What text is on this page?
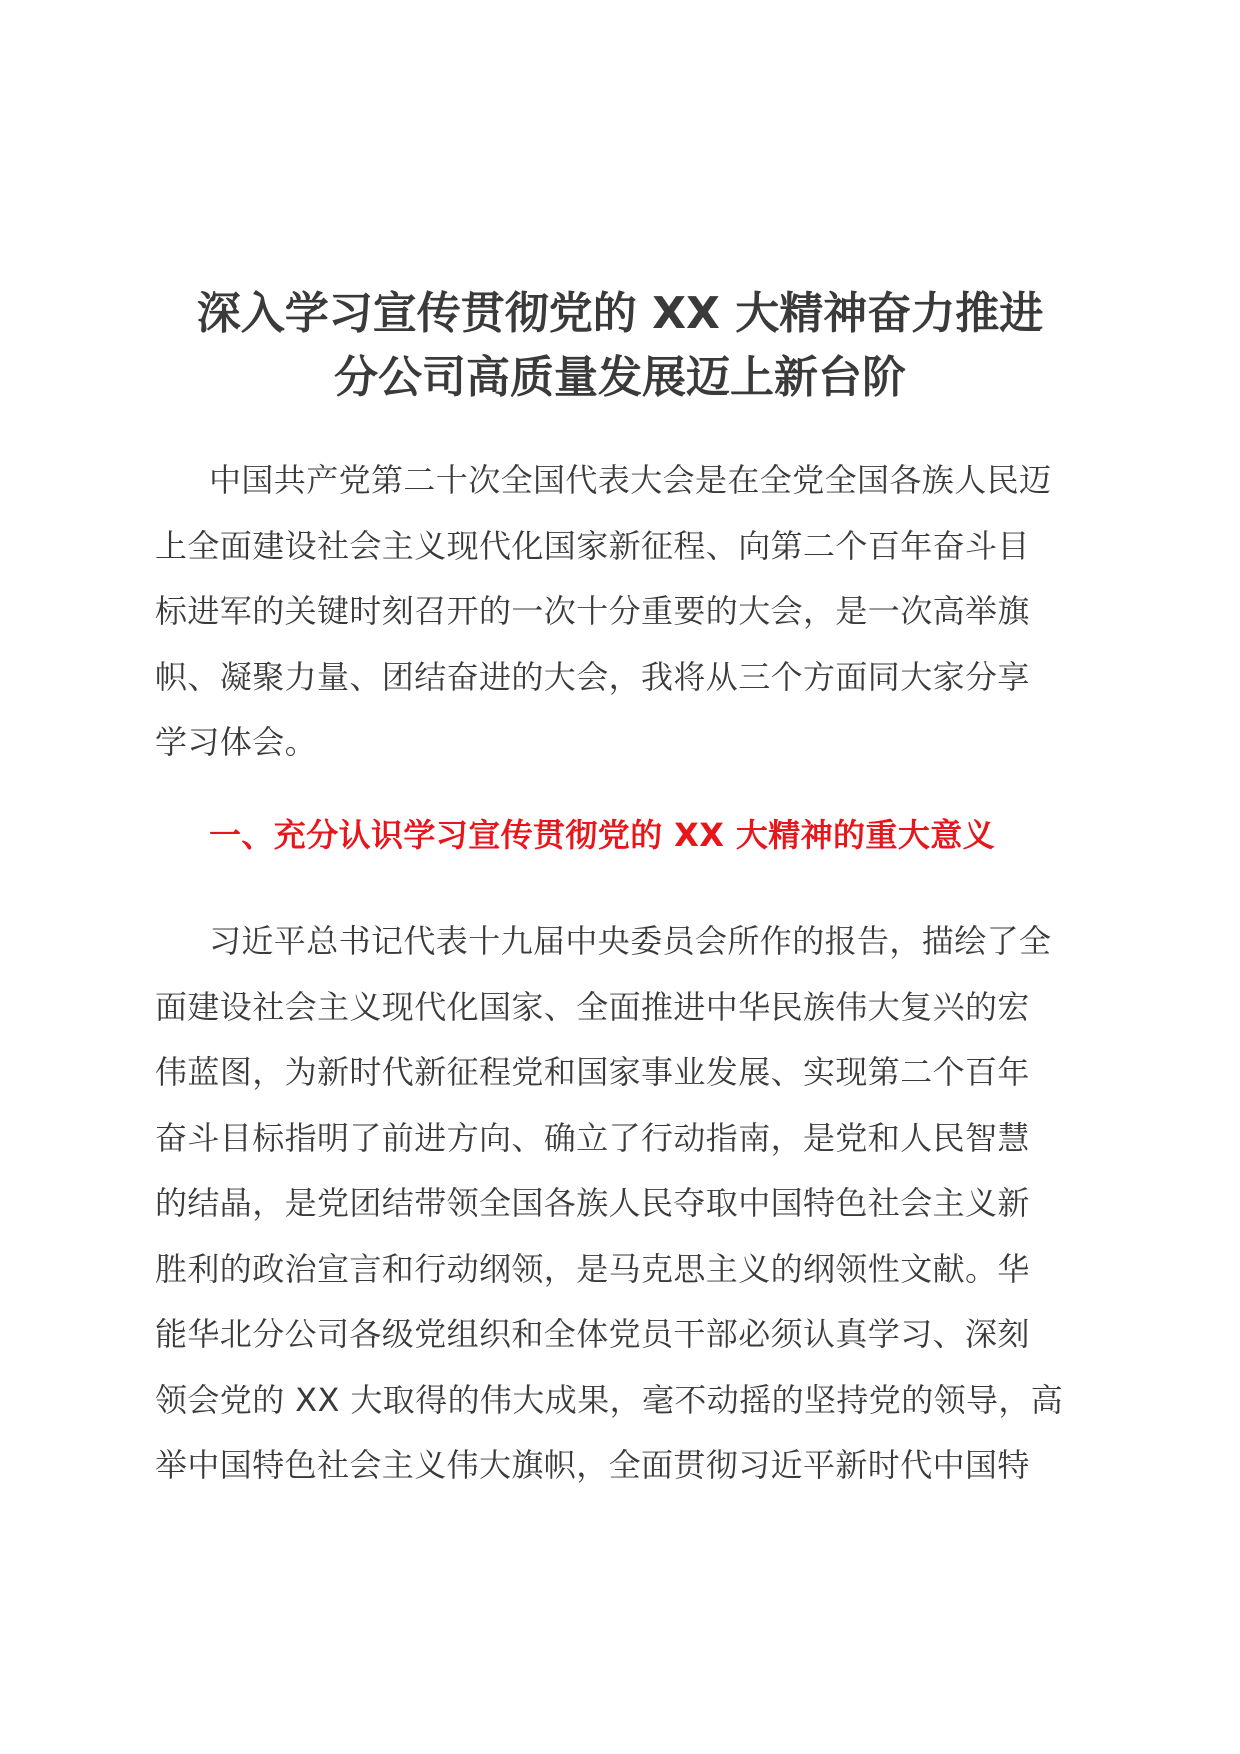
深入学习宣传贯彻党的 XX 大精神奋力推进
分公司高质量发展迈上新台阶
中国共产党第二十次全国代表大会是在全党全国各族人民迈
上全面建设社会主义现代化国家新征程、向第二个百年奋斗目
标进军的关键时刻召开的一次十分重要的大会，是一次高举旗
帜、凝聚力量、团结奋进的大会，我将从三个方面同大家分享
学习体会。
一、充分认识学习宣传贯彻党的 XX 大精神的重大意义
习近平总书记代表十九届中央委员会所作的报告，描绘了全
面建设社会主义现代化国家、全面推进中华民族伟大复兴的宏
伟蓝图，为新时代新征程党和国家事业发展、实现第二个百年
奋斗目标指明了前进方向、确立了行动指南，是党和人民智慧
的结晶，是党团结带领全国各族人民夺取中国特色社会主义新
胜利的政治宣言和行动纲领，是马克思主义的纲领性文献。华
能华北分公司各级党组织和全体党员干部必须认真学习、深刻
领会党的 XX 大取得的伟大成果，毫不动摇的坚持党的领导，高
举中国特色社会主义伟大旗帜，全面贯彻习近平新时代中国特
